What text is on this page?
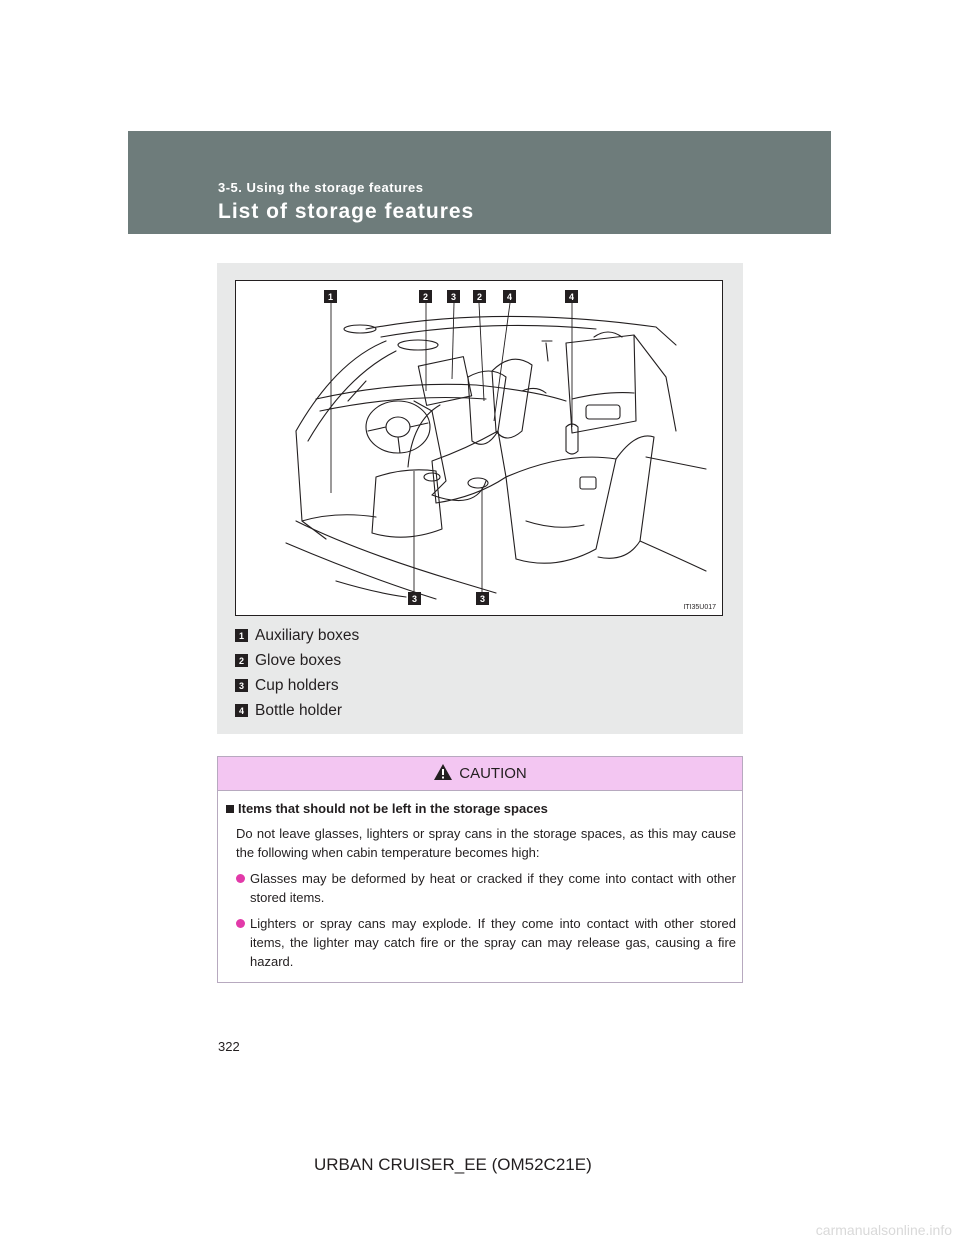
3-5. Using the storage features
List of storage features
1	2	3 2	4	4
3	3
ITI35U017
1 Auxiliary boxes
2 Glove boxes
3 Cup holders
4 Bottle holder
CAUTION
Items that should not be left in the storage spaces
Do not leave glasses, lighters or spray cans in the storage spaces, as this may cause the following when cabin temperature becomes high:
Glasses may be deformed by heat or cracked if they come into contact with other stored items.
Lighters or spray cans may explode. If they come into contact with other stored items, the lighter may catch fire or the spray can may release gas, causing a fire hazard.
322
URBAN CRUISER_EE (OM52C21E)
carmanualsonline.info
